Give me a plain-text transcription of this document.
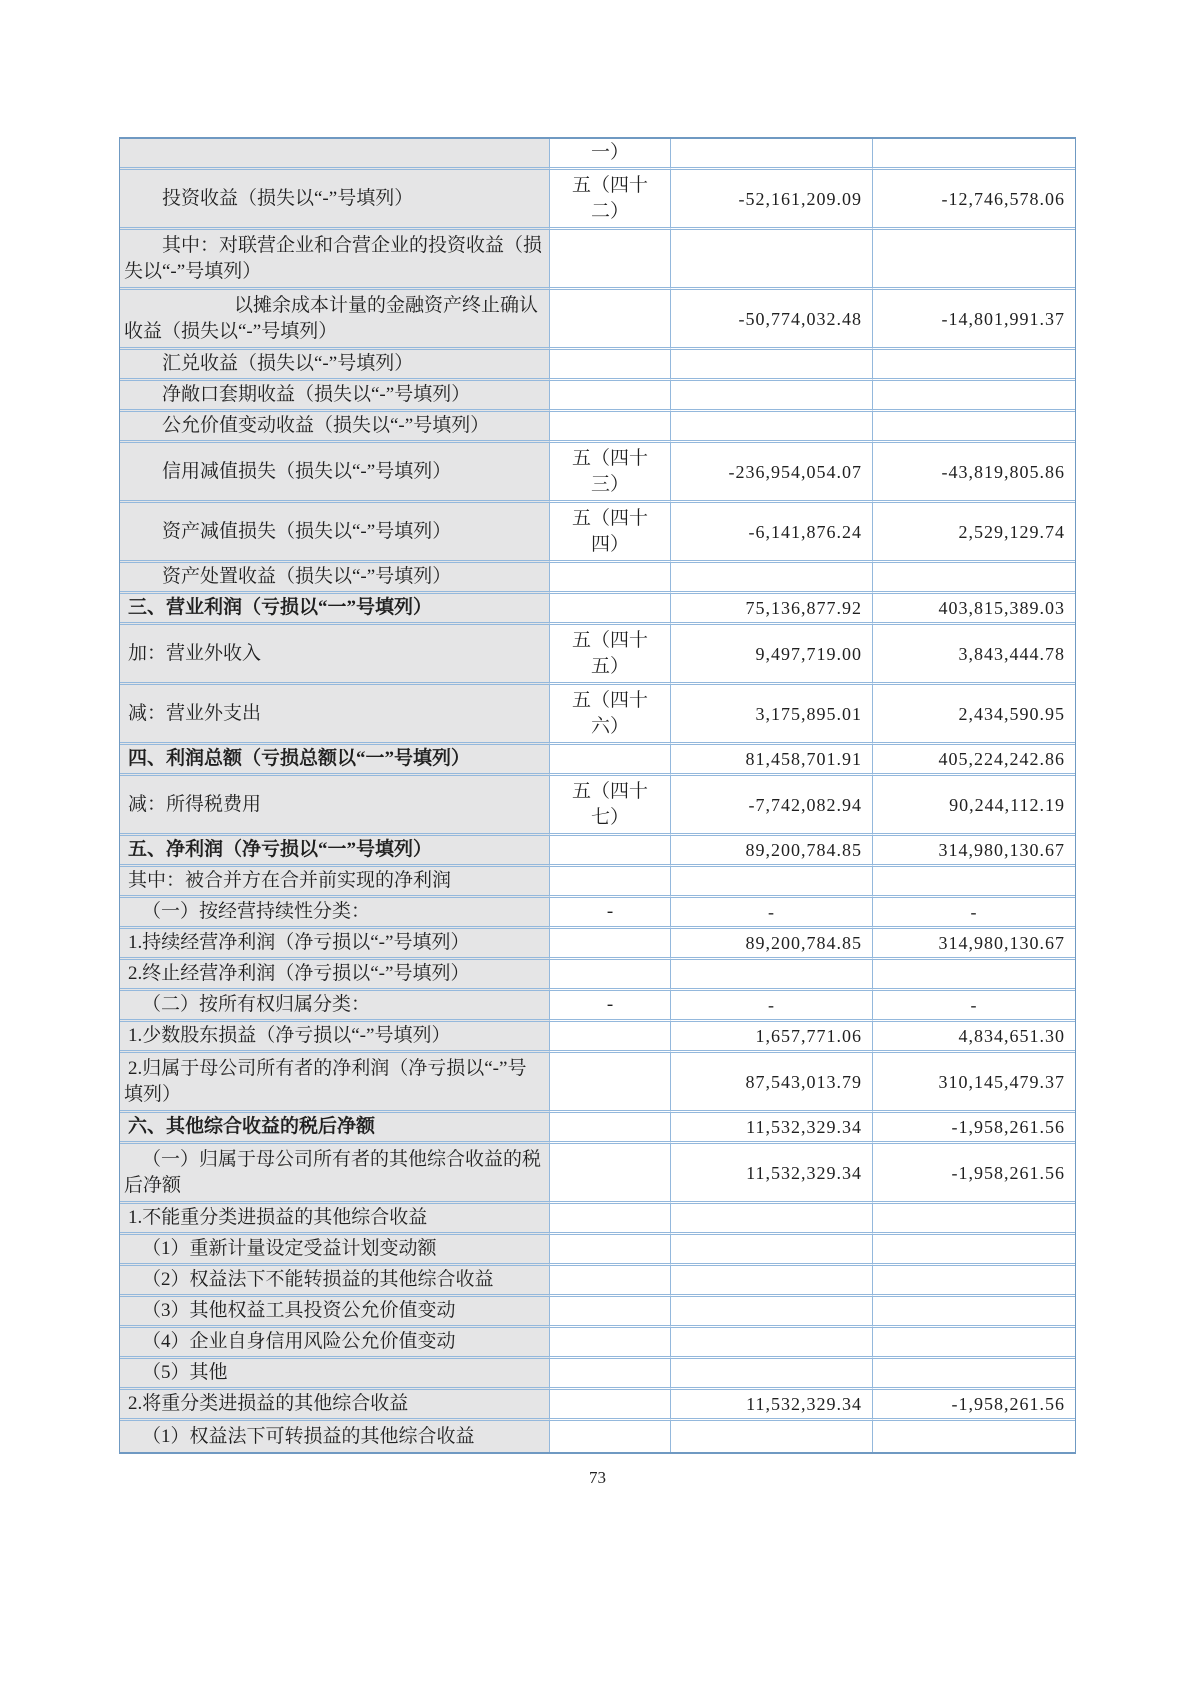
	一）		
投资收益（损失以“-”号填列）	五（四十二）	-52,161,209.09	-12,746,578.06
其中：对联营企业和合营企业的投资收益（损失以“-”号填列）			
以摊余成本计量的金融资产终止确认收益（损失以“-”号填列）		-50,774,032.48	-14,801,991.37
汇兑收益（损失以“-”号填列）			
净敞口套期收益（损失以“-”号填列）			
公允价值变动收益（损失以“-”号填列）			
信用减值损失（损失以“-”号填列）	五（四十三）	-236,954,054.07	-43,819,805.86
资产减值损失（损失以“-”号填列）	五（四十四）	-6,141,876.24	2,529,129.74
资产处置收益（损失以“-”号填列）			
三、营业利润（亏损以“一”号填列）		75,136,877.92	403,815,389.03
加：营业外收入	五（四十五）	9,497,719.00	3,843,444.78
减：营业外支出	五（四十六）	3,175,895.01	2,434,590.95
四、利润总额（亏损总额以“一”号填列）		81,458,701.91	405,224,242.86
减：所得税费用	五（四十七）	-7,742,082.94	90,244,112.19
五、净利润（净亏损以“一”号填列）		89,200,784.85	314,980,130.67
其中：被合并方在合并前实现的净利润			
（一）按经营持续性分类：	-	-	-
1.持续经营净利润（净亏损以“-”号填列）		89,200,784.85	314,980,130.67
2.终止经营净利润（净亏损以“-”号填列）			
（二）按所有权归属分类：	-	-	-
1.少数股东损益（净亏损以“-”号填列）		1,657,771.06	4,834,651.30
2.归属于母公司所有者的净利润（净亏损以“-”号填列）		87,543,013.79	310,145,479.37
六、其他综合收益的税后净额		11,532,329.34	-1,958,261.56
（一）归属于母公司所有者的其他综合收益的税后净额		11,532,329.34	-1,958,261.56
1.不能重分类进损益的其他综合收益			
（1）重新计量设定受益计划变动额			
（2）权益法下不能转损益的其他综合收益			
（3）其他权益工具投资公允价值变动			
（4）企业自身信用风险公允价值变动			
（5）其他			
2.将重分类进损益的其他综合收益		11,532,329.34	-1,958,261.56
（1）权益法下可转损益的其他综合收益			
73
